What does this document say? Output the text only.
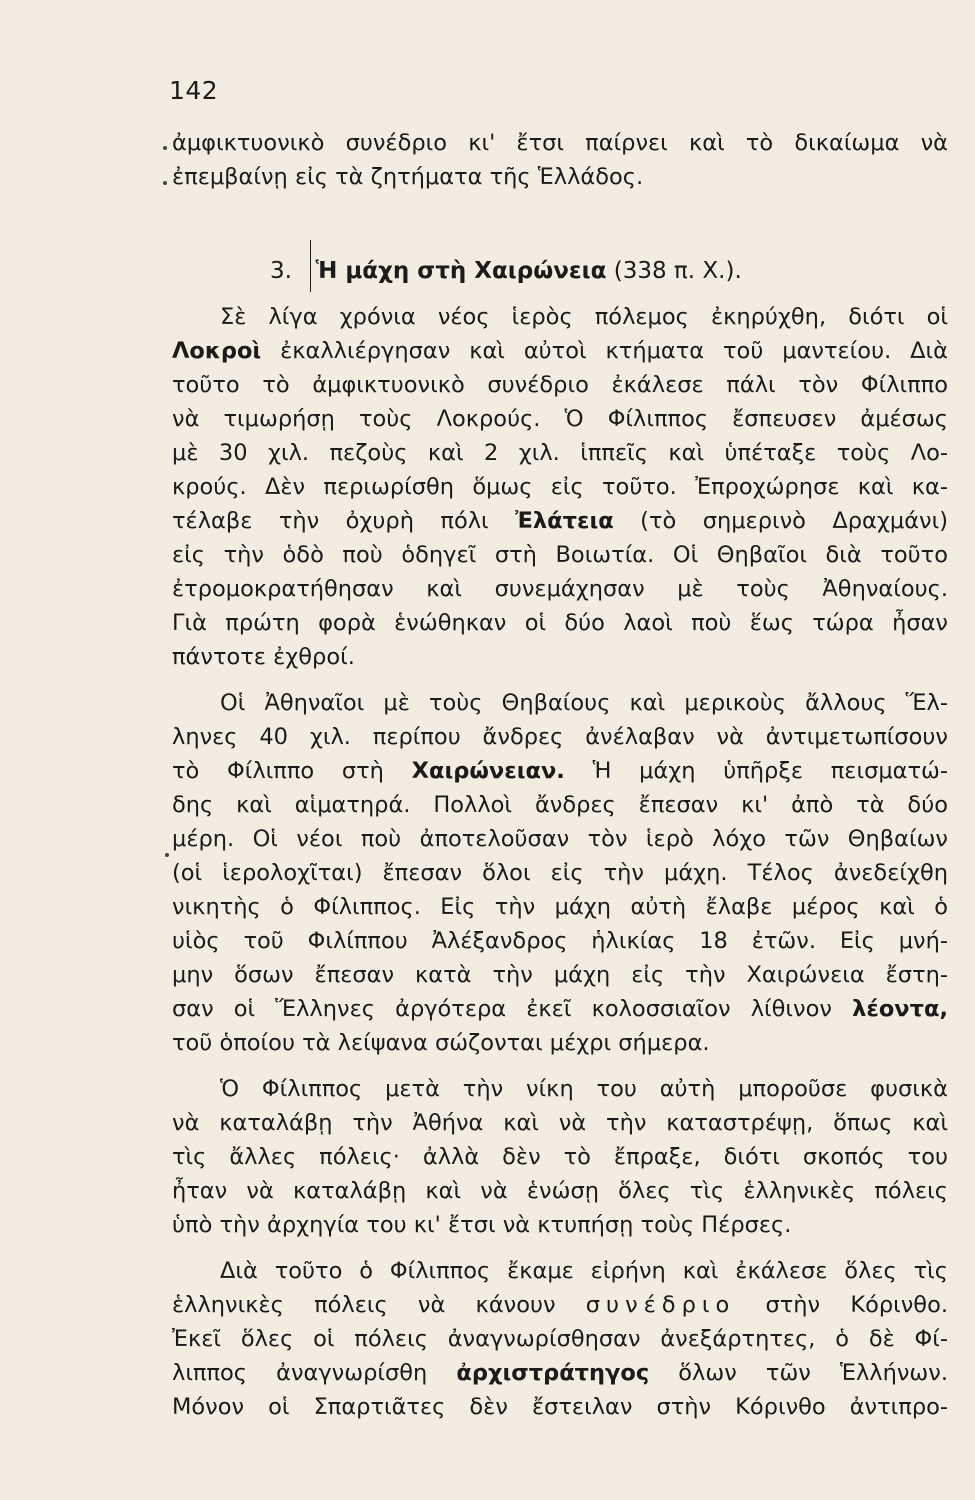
142
ἀμφικτυονικὸ συνέδριο κι' ἔτσι παίρνει καὶ τὸ δικαίωμα νὰ
ἐπεμβαίνῃ εἰς τὰ ζητήματα τῆς Ἑλλάδος.
3. Ἡ μάχη στὴ Χαιρώνεια (338 π. Χ.).
Σὲ λίγα χρόνια νέος ἱερὸς πόλεμος ἐκηρύχθη, διότι οἱ
Λοκροὶ ἐκαλλιέργησαν καὶ αὐτοὶ κτήματα τοῦ μαντείου. Διὰ
τοῦτο τὸ ἀμφικτυονικὸ συνέδριο ἐκάλεσε πάλι τὸν Φίλιππο
νὰ τιμωρήσῃ τοὺς Λοκρούς. Ὁ Φίλιππος ἔσπευσεν ἀμέσως
μὲ 30 χιλ. πεζοὺς καὶ 2 χιλ. ἱππεῖς καὶ ὑπέταξε τοὺς Λο-
κρούς. Δὲν περιωρίσθη ὅμως εἰς τοῦτο. Ἐπροχώρησε καὶ κα-
τέλαβε τὴν ὀχυρὴ πόλι Ἐλάτεια (τὸ σημερινὸ Δραχμάνι)
εἰς τὴν ὁδὸ ποὺ ὁδηγεῖ στὴ Βοιωτία. Οἱ Θηβαῖοι διὰ τοῦτο
ἐτρομοκρατήθησαν καὶ συνεμάχησαν μὲ τοὺς Ἀθηναίους.
Γιὰ πρώτη φορὰ ἑνώθηκαν οἱ δύο λαοὶ ποὺ ἕως τώρα ἦσαν
πάντοτε ἐχθροί.
Οἱ Ἀθηναῖοι μὲ τοὺς Θηβαίους καὶ μερικοὺς ἄλλους Ἕλ-
ληνες 40 χιλ. περίπου ἄνδρες ἀνέλαβαν νὰ ἀντιμετωπίσουν
τὸ Φίλιππο στὴ Χαιρώνειαν. Ἡ μάχη ὑπῆρξε πεισματώ-
δης καὶ αἱματηρά. Πολλοὶ ἄνδρες ἔπεσαν κι' ἀπὸ τὰ δύο
μέρη. Οἱ νέοι ποὺ ἀποτελοῦσαν τὸν ἱερὸ λόχο τῶν Θηβαίων
(οἱ ἱερολοχῖται) ἔπεσαν ὅλοι εἰς τὴν μάχη. Τέλος ἀνεδείχθη
νικητὴς ὁ Φίλιππος. Εἰς τὴν μάχη αὐτὴ ἔλαβε μέρος καὶ ὁ
υἱὸς τοῦ Φιλίππου Ἀλέξανδρος ἡλικίας 18 ἐτῶν. Εἰς μνή-
μην ὅσων ἔπεσαν κατὰ τὴν μάχη εἰς τὴν Χαιρώνεια ἔστη-
σαν οἱ Ἕλληνες ἀργότερα ἐκεῖ κολοσσιαῖον λίθινον λέοντα,
τοῦ ὁποίου τὰ λείψανα σώζονται μέχρι σήμερα.
Ὁ Φίλιππος μετὰ τὴν νίκη του αὐτὴ μποροῦσε φυσικὰ
νὰ καταλάβῃ τὴν Ἀθήνα καὶ νὰ τὴν καταστρέψῃ, ὅπως καὶ
τὶς ἄλλες πόλεις· ἀλλὰ δὲν τὸ ἔπραξε, διότι σκοπός του
ἦταν νὰ καταλάβῃ καὶ νὰ ἑνώσῃ ὅλες τὶς ἑλληνικὲς πόλεις
ὑπὸ τὴν ἀρχηγία του κι' ἔτσι νὰ κτυπήσῃ τοὺς Πέρσες.
Διὰ τοῦτο ὁ Φίλιππος ἔκαμε εἰρήνη καὶ ἐκάλεσε ὅλες τὶς
ἑλληνικὲς πόλεις νὰ κάνουν συνέδριο στὴν Κόρινθο.
Ἐκεῖ ὅλες οἱ πόλεις ἀναγνωρίσθησαν ἀνεξάρτητες, ὁ δὲ Φί-
λιππος ἀναγνωρίσθη ἀρχιστράτηγος ὅλων τῶν Ἑλλήνων.
Μόνον οἱ Σπαρτιᾶτες δὲν ἔστειλαν στὴν Κόρινθο ἀντιπρο-
